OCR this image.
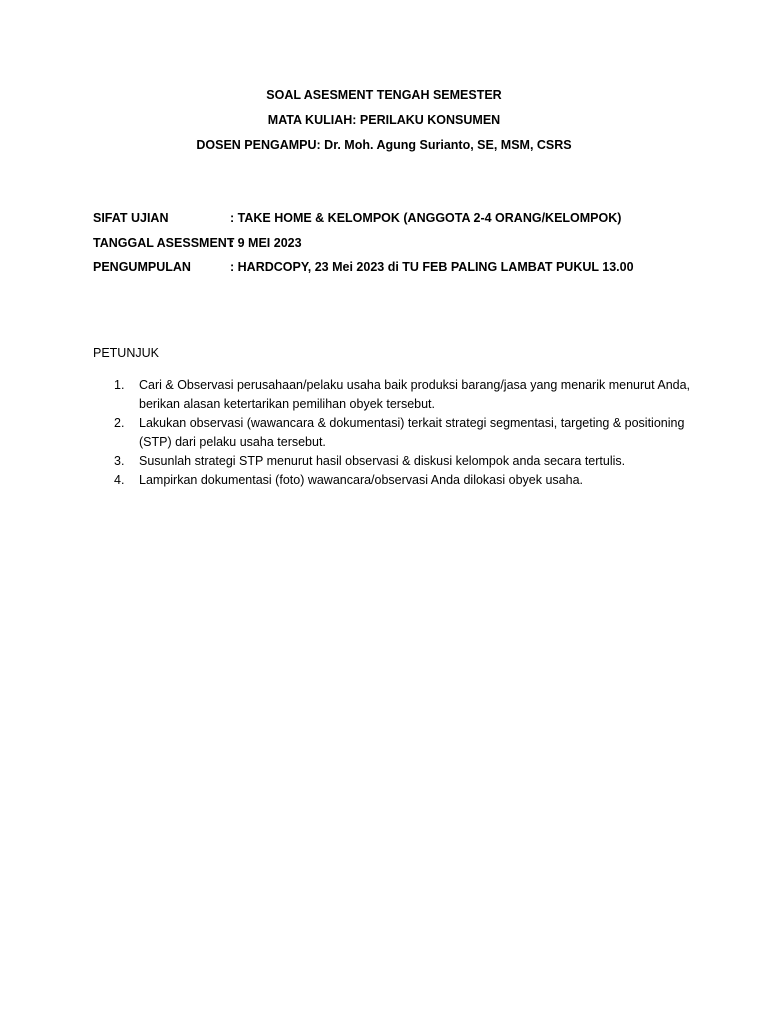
SOAL ASESMENT TENGAH SEMESTER
MATA KULIAH: PERILAKU KONSUMEN
DOSEN PENGAMPU: Dr. Moh. Agung Surianto, SE, MSM, CSRS
SIFAT UJIAN	: TAKE HOME & KELOMPOK (ANGGOTA 2-4 ORANG/KELOMPOK)
TANGGAL ASESSMENT: 9 MEI 2023
PENGUMPULAN	: HARDCOPY, 23 Mei 2023 di TU FEB PALING LAMBAT PUKUL 13.00
PETUNJUK
1. Cari & Observasi perusahaan/pelaku usaha baik produksi barang/jasa yang menarik menurut Anda, berikan alasan ketertarikan pemilihan obyek tersebut.
2. Lakukan observasi (wawancara & dokumentasi) terkait strategi segmentasi, targeting & positioning (STP) dari pelaku usaha tersebut.
3. Susunlah strategi STP menurut hasil observasi & diskusi kelompok anda secara tertulis.
4. Lampirkan dokumentasi (foto) wawancara/observasi Anda dilokasi obyek usaha.
